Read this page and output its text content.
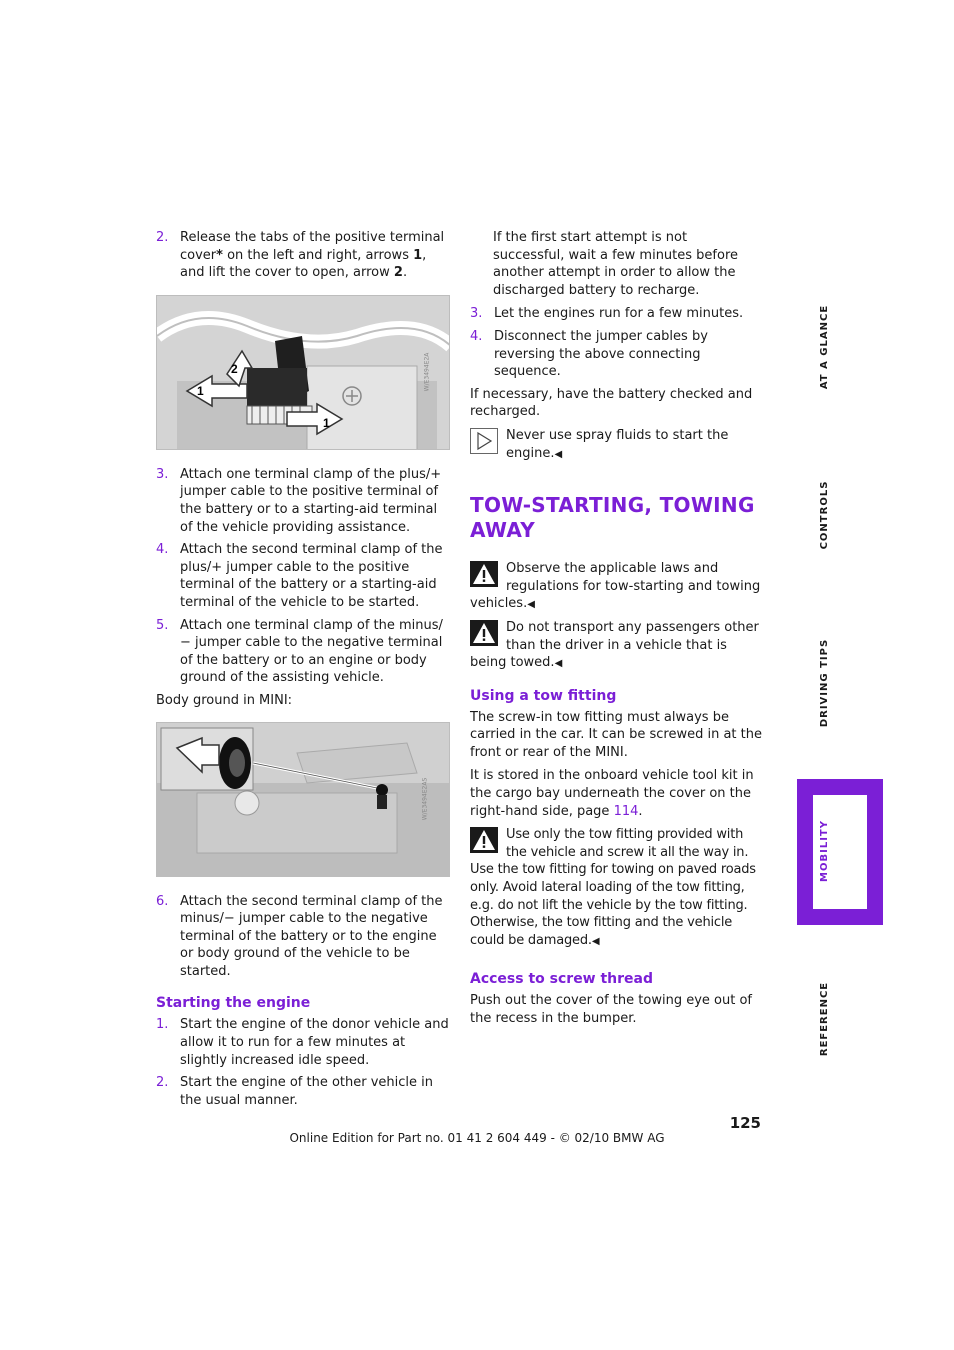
2. Release the tabs of the positive terminal cover* on the left and right, arrows 1, and lift the cover to open, arrow 2.
1
2
1
W/E3494E2A
3. Attach one terminal clamp of the plus/+ jumper cable to the positive terminal of the battery or to a starting-aid terminal of the vehicle providing assistance.
4. Attach the second terminal clamp of the plus/+ jumper cable to the positive terminal of the battery or a starting-aid terminal of the vehicle to be started.
5. Attach one terminal clamp of the minus/− jumper cable to the negative terminal of the battery or to an engine or body ground of the assisting vehicle.

Body ground in MINI:

W/E3494E2AS
6. Attach the second terminal clamp of the minus/− jumper cable to the negative terminal of the battery or to the engine or body ground of the vehicle to be started.
Starting the engine
1. Start the engine of the donor vehicle and allow it to run for a few minutes at slightly increased idle speed.
2. Start the engine of the other vehicle in the usual manner.

If the first start attempt is not successful, wait a few minutes before another attempt in order to allow the discharged battery to recharge.

3. Let the engines run for a few minutes.
4. Disconnect the jumper cables by reversing the above connecting sequence.

If necessary, have the battery checked and recharged.

Never use spray fluids to start the engine.◀
TOW-STARTING, TOWING AWAY
Observe the applicable laws and regulations for tow-starting and towing vehicles.◀
Do not transport any passengers other than the driver in a vehicle that is being towed.◀
Using a tow fitting

The screw-in tow fitting must always be carried in the car. It can be screwed in at the front or rear of the MINI.

It is stored in the onboard vehicle tool kit in the cargo bay underneath the cover on the right-hand side, page 114.

Use only the tow fitting provided with the vehicle and screw it all the way in. Use the tow fitting for towing on paved roads only. Avoid lateral loading of the tow fitting, e.g. do not lift the vehicle by the tow fitting. Otherwise, the tow fitting and the vehicle could be damaged.◀
Access to screw thread

Push out the cover of the towing eye out of the recess in the bumper.

AT A GLANCE
CONTROLS
DRIVING TIPS
MOBILITY
REFERENCE
125
Online Edition for Part no. 01 41 2 604 449 - © 02/10 BMW AG
